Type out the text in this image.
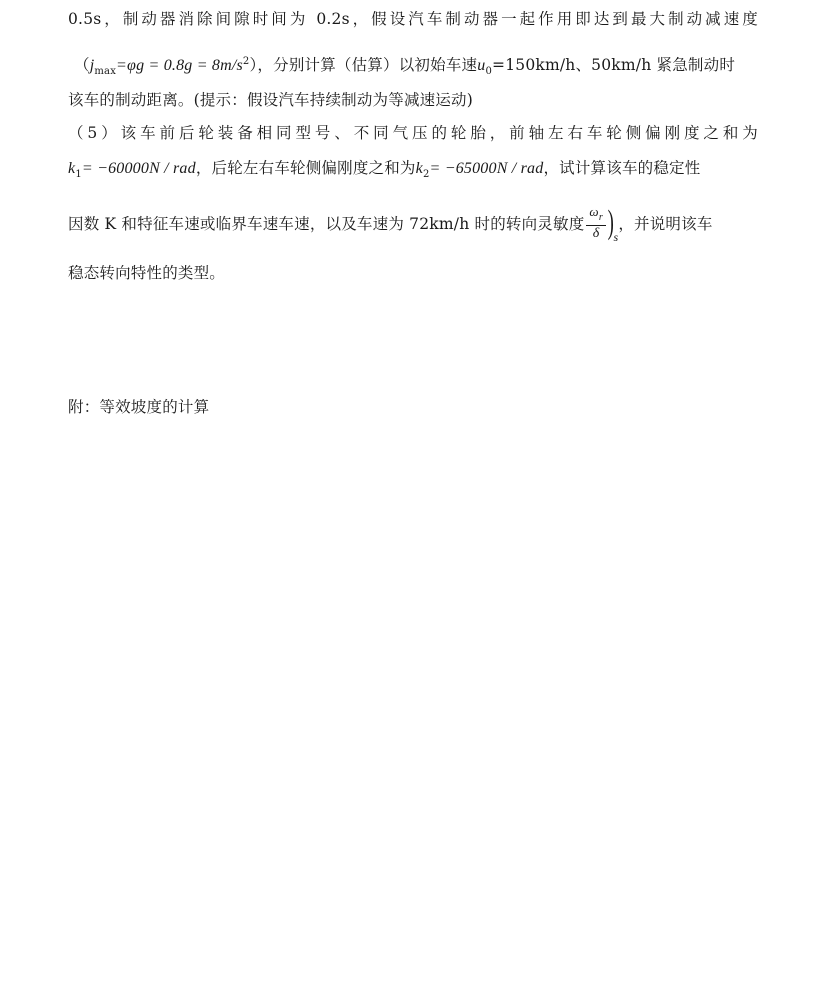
0.5s，制动器消除间隙时间为 0.2s，假设汽车制动器一起作用即达到最大制动减速度
$(j_{max}=\varphi g = 0.8g = 8m/s^2)$，分别计算（估算）以初始车速$u_0=150km/h$、50km/h 紧急制动时
该车的制动距离。(提示：假设汽车持续制动为等减速运动)
（5）该车前后轮装备相同型号、不同气压的轮胎，前轴左右车轮侧偏刚度之和为
$k_1= -60000N$ / rad，后轮左右车轮侧偏刚度之和为$k_2= -65000N$ / rad，试计算该车的稳定性
因数 K 和特征车速或临界车速车速，以及车速为 72km/h 时的转向灵敏度 $\frac{\omega_r}{\delta} )_s$，并说明该车
稳态转向特性的类型。
附：等效坡度的计算
